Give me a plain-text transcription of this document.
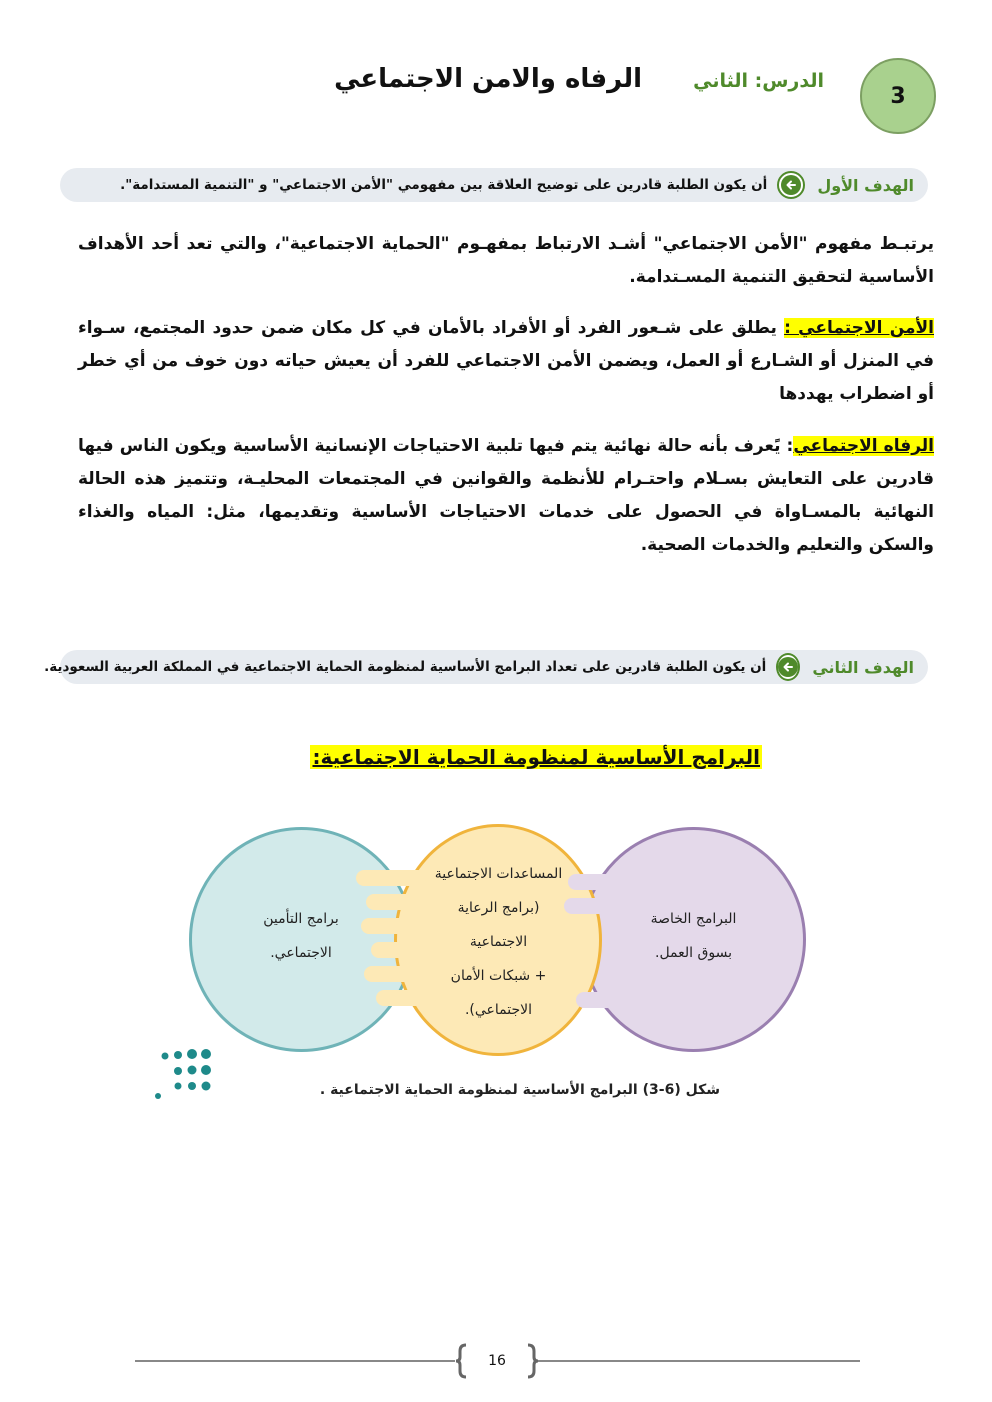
3
الدرس: الثاني
الرفاه والامن الاجتماعي
الهدف الأول
أن يكون الطلبة قادرين على توضيح العلاقة بين مفهومي "الأمن الاجتماعي" و "التنمية المستدامة".
يرتبـط مفهوم "الأمن الاجتماعي" أشـد الارتباط بمفهـوم "الحماية الاجتماعية"، والتي تعد أحد الأهداف الأساسية لتحقيق التنمية المسـتدامة.
الأمن الاجتماعي : يطلق على شـعور الفرد أو الأفراد بالأمان في كل مكان ضمن حدود المجتمع، سـواء في المنزل أو الشـارع أو العمل، ويضمن الأمن الاجتماعي للفرد أن يعيش حياته دون خوف من أي خطر أو اضطراب يهددها
الرفاه الاجتماعي: يًعرف بأنه حالة نهائية يتم فيها تلبية الاحتياجات الإنسانية الأساسية ويكون الناس فيها قادرين على التعايش بسـلام واحتـرام للأنظمة والقوانين في المجتمعات المحليـة، وتتميز هذه الحالة النهائية بالمسـاواة في الحصول على خدمات الاحتياجات الأساسية وتقديمها، مثل: المياه والغذاء والسكن والتعليم والخدمات الصحية.
الهدف الثاني
أن يكون الطلبة قادرين على تعداد البرامج الأساسية لمنظومة الحماية الاجتماعية في المملكة العربية السعودية.
البرامج الأساسية لمنظومة الحماية الاجتماعية:
البرامج الخاصة
بسوق العمل.
المساعدات الاجتماعية
(برامج الرعاية
الاجتماعية
+ شبكات الأمان
الاجتماعي).
برامج التأمين
الاجتماعي.
شكل (6-3) البرامج الأساسية لمنظومة الحماية الاجتماعية .
16
